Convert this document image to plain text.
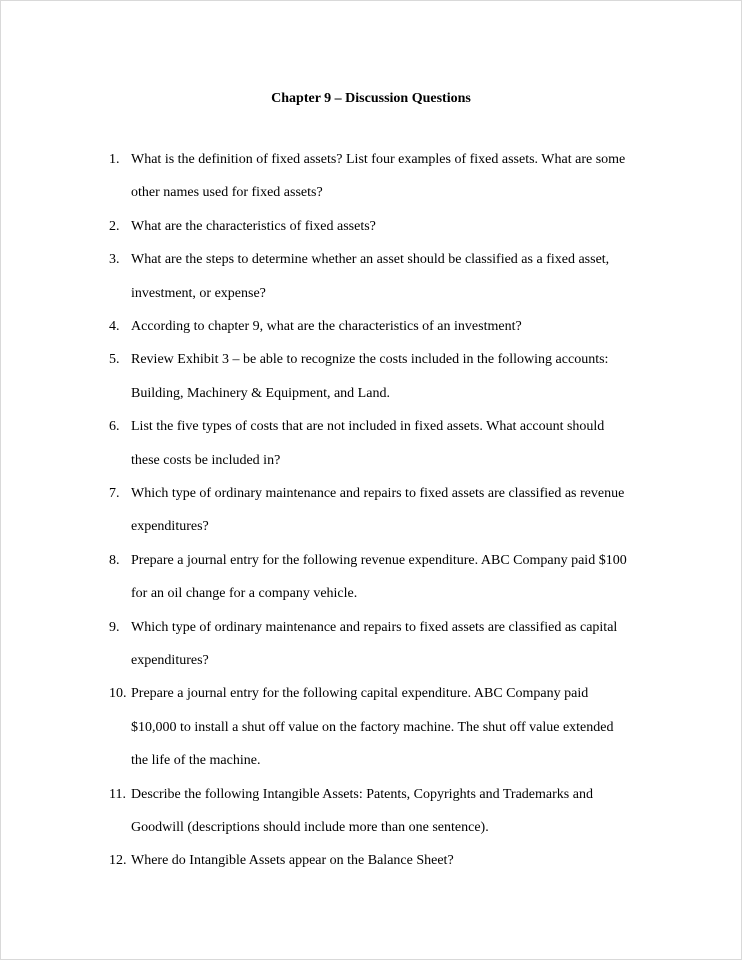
Chapter 9 – Discussion Questions
1. What is the definition of fixed assets? List four examples of fixed assets. What are some
other names used for fixed assets?
2. What are the characteristics of fixed assets?
3. What are the steps to determine whether an asset should be classified as a fixed asset,
investment, or expense?
4. According to chapter 9, what are the characteristics of an investment?
5. Review Exhibit 3 – be able to recognize the costs included in the following accounts:
Building, Machinery & Equipment, and Land.
6. List the five types of costs that are not included in fixed assets. What account should
these costs be included in?
7. Which type of ordinary maintenance and repairs to fixed assets are classified as revenue
expenditures?
8. Prepare a journal entry for the following revenue expenditure. ABC Company paid $100
for an oil change for a company vehicle.
9. Which type of ordinary maintenance and repairs to fixed assets are classified as capital
expenditures?
10. Prepare a journal entry for the following capital expenditure. ABC Company paid
$10,000 to install a shut off value on the factory machine. The shut off value extended
the life of the machine.
11. Describe the following Intangible Assets: Patents, Copyrights and Trademarks and
Goodwill (descriptions should include more than one sentence).
12. Where do Intangible Assets appear on the Balance Sheet?
